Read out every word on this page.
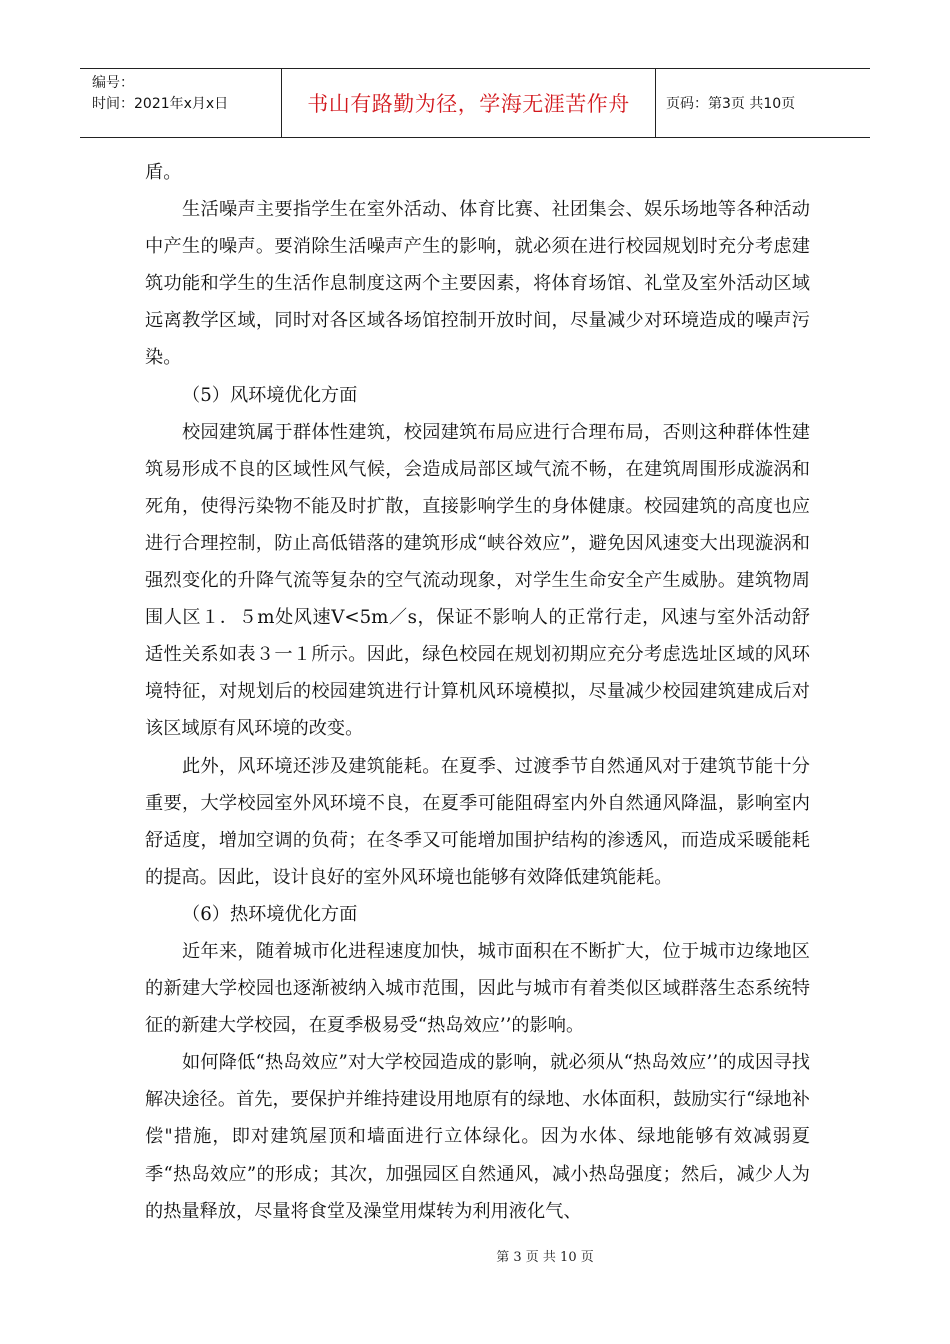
编号：
时间：2021年x月x日	书山有路勤为径，学海无涯苦作舟	页码：第3页 共10页

盾。

生活噪声主要指学生在室外活动、体育比赛、社团集会、娱乐场地等各种活动中产生的噪声。要消除生活噪声产生的影响，就必须在进行校园规划时充分考虑建筑功能和学生的生活作息制度这两个主要因素，将体育场馆、礼堂及室外活动区域远离教学区域，同时对各区域各场馆控制开放时间，尽量减少对环境造成的噪声污染。

（5）风环境优化方面

校园建筑属于群体性建筑，校园建筑布局应进行合理布局，否则这种群体性建筑易形成不良的区域性风气候，会造成局部区域气流不畅，在建筑周围形成漩涡和死角，使得污染物不能及时扩散，直接影响学生的身体健康。校园建筑的高度也应进行合理控制，防止高低错落的建筑形成“峡谷效应”，避免因风速变大出现漩涡和强烈变化的升降气流等复杂的空气流动现象，对学生生命安全产生威胁。建筑物周围人区１．５m处风速V<5m／s，保证不影响人的正常行走，风速与室外活动舒适性关系如表３一１所示。因此，绿色校园在规划初期应充分考虑选址区域的风环境特征，对规划后的校园建筑进行计算机风环境模拟，尽量减少校园建筑建成后对该区域原有风环境的改变。

此外，风环境还涉及建筑能耗。在夏季、过渡季节自然通风对于建筑节能十分重要，大学校园室外风环境不良，在夏季可能阻碍室内外自然通风降温，影响室内舒适度，增加空调的负荷；在冬季又可能增加围护结构的渗透风，而造成采暖能耗的提高。因此，设计良好的室外风环境也能够有效降低建筑能耗。

（6）热环境优化方面

近年来，随着城市化进程速度加快，城市面积在不断扩大，位于城市边缘地区的新建大学校园也逐渐被纳入城市范围，因此与城市有着类似区域群落生态系统特征的新建大学校园，在夏季极易受“热岛效应’’的影响。

如何降低“热岛效应”对大学校园造成的影响，就必须从“热岛效应’’的成因寻找解决途径。首先，要保护并维持建设用地原有的绿地、水体面积，鼓励实行“绿地补偿"措施，即对建筑屋顶和墙面进行立体绿化。因为水体、绿地能够有效减弱夏季“热岛效应”的形成；其次，加强园区自然通风，减小热岛强度；然后，减少人为的热量释放，尽量将食堂及澡堂用煤转为利用液化气、

第 3 页 共 10 页
